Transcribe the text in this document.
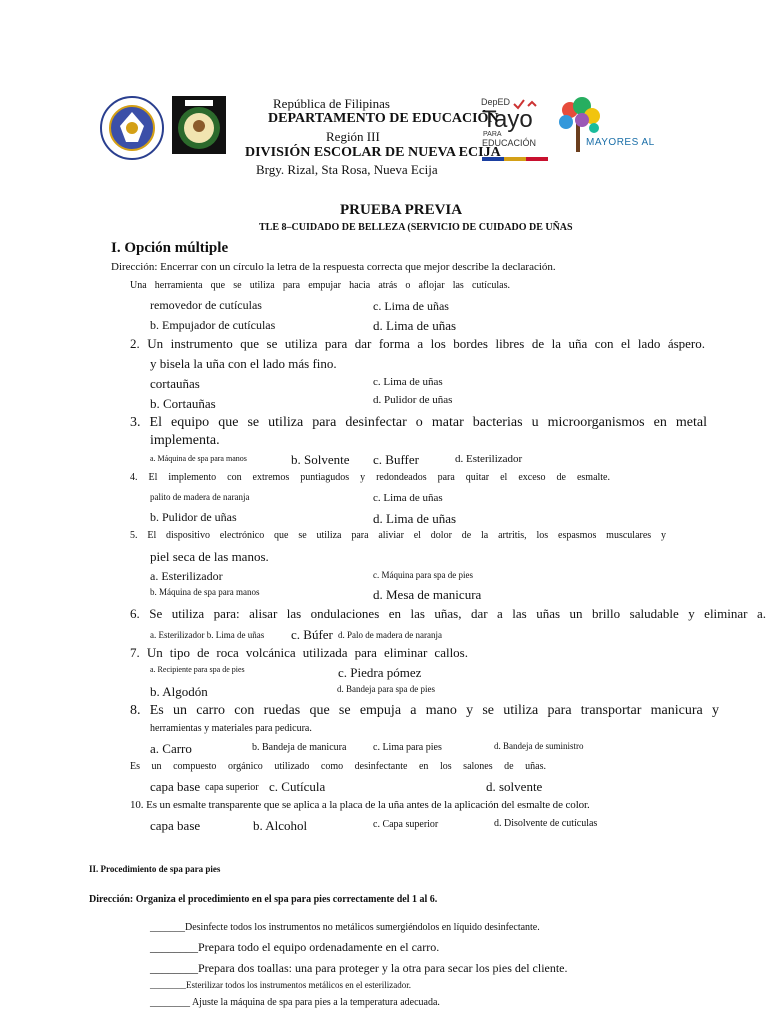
DepED
Tayo
PARA
EDUCACIÓN	MAYORES AL
República de Filipinas
DEPARTAMENTO DE EDUCACIÓN
Región III
DIVISIÓN ESCOLAR DE NUEVA ECIJA
Brgy. Rizal, Sta Rosa, Nueva Ecija
PRUEBA PREVIA
TLE 8–CUIDADO DE BELLEZA (SERVICIO DE CUIDADO DE UÑAS
I. Opción múltiple
Dirección: Encerrar con un círculo la letra de la respuesta correcta que mejor describe la declaración.
Una herramienta que se utiliza para empujar hacia atrás o aflojar las cutículas.
removedor de cutículas	c. Lima de uñas
b. Empujador de cutículas	d. Lima de uñas
2. Un instrumento que se utiliza para dar forma a los bordes libres de la uña con el lado áspero.
y bisela la uña con el lado más fino.
cortauñas	c. Lima de uñas
b. Cortauñas	d. Pulidor de uñas
3. El equipo que se utiliza para desinfectar o matar bacterias u microorganismos en metal
implementa.
a. Máquina de spa para manos	b. Solvente c. Buffer	d. Esterilizador
4. El implemento con extremos puntiagudos y redondeados para quitar el exceso de esmalte.
palito de madera de naranja	c. Lima de uñas
b. Pulidor de uñas	d. Lima de uñas
5. El dispositivo electrónico que se utiliza para aliviar el dolor de la artritis, los espasmos musculares y
piel seca de las manos.
a. Esterilizador	c. Máquina para spa de pies
b. Máquina de spa para manos	d. Mesa de manicura
6. Se utiliza para: alisar las ondulaciones en las uñas, dar a las uñas un brillo saludable y eliminar a.
a. Esterilizador b. Lima de uñas c. Búfer d. Palo de madera de naranja
7. Un tipo de roca volcánica utilizada para eliminar callos.
a. Recipiente para spa de pies	c. Piedra pómez
b. Algodón	d. Bandeja para spa de pies
8. Es un carro con ruedas que se empuja a mano y se utiliza para transportar manicura y
herramientas y materiales para pedicura.
a. Carro	b. Bandeja de manicura	c. Lima para pies	d. Bandeja de suministro
Es un compuesto orgánico utilizado como desinfectante en los salones de uñas.
capa base capa superior c. Cutícula	d. solvente
10. Es un esmalte transparente que se aplica a la placa de la uña antes de la aplicación del esmalte de color.
capa base	b. Alcohol	c. Capa superior	d. Disolvente de cutículas
II. Procedimiento de spa para pies
Dirección: Organiza el procedimiento en el spa para pies correctamente del 1 al 6.
_______Desinfecte todos los instrumentos no metálicos sumergiéndolos en líquido desinfectante.
________Prepara todo el equipo ordenadamente en el carro.
________Prepara dos toallas: una para proteger y la otra para secar los pies del cliente.
________Esterilizar todos los instrumentos metálicos en el esterilizador.
________ Ajuste la máquina de spa para pies a la temperatura adecuada.
